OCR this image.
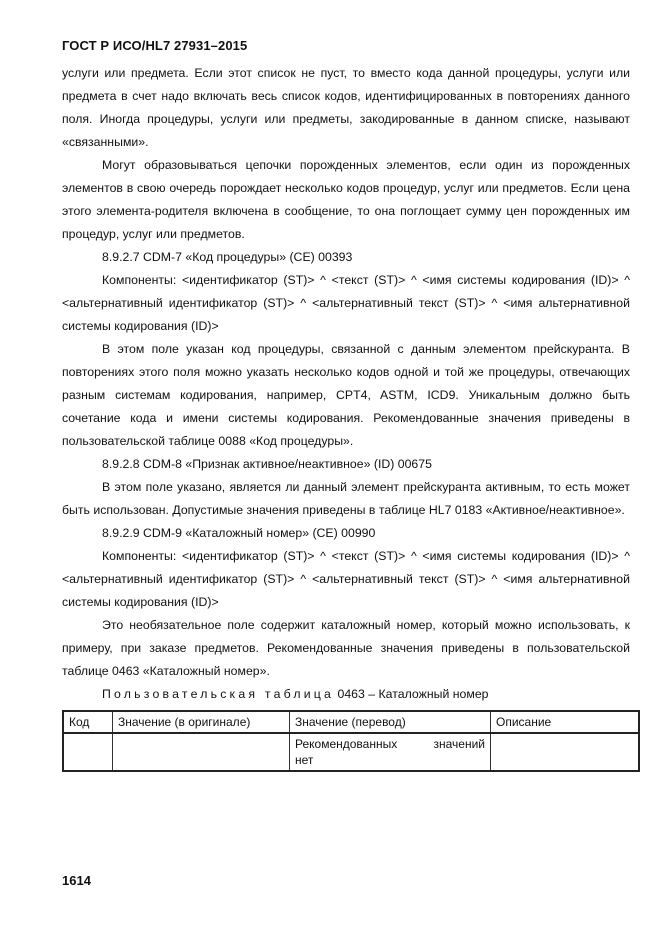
ГОСТ Р ИСО/HL7 27931–2015

услуги или предмета. Если этот список не пуст, то вместо кода данной процедуры, услуги или предмета в счет надо включать весь список кодов, идентифицированных в повторениях данного поля. Иногда процедуры, услуги или предметы, закодированные в данном списке, называют «связанными».

Могут образовываться цепочки порожденных элементов, если один из порожденных элементов в свою очередь порождает несколько кодов процедур, услуг или предметов. Если цена этого элемента-родителя включена в сообщение, то она поглощает сумму цен порожденных им процедур, услуг или предметов.

8.9.2.7 CDM-7 «Код процедуры» (CE) 00393

Компоненты: <идентификатор (ST)> ^ <текст (ST)> ^ <имя системы кодирования (ID)> ^ <альтернативный идентификатор (ST)> ^ <альтернативный текст (ST)> ^ <имя альтернативной системы кодирования (ID)>

В этом поле указан код процедуры, связанной с данным элементом прейскуранта. В повторениях этого поля можно указать несколько кодов одной и той же процедуры, отвечающих разным системам кодирования, например, CPT4, ASTM, ICD9. Уникальным должно быть сочетание кода и имени системы кодирования. Рекомендованные значения приведены в пользовательской таблице 0088 «Код процедуры».

8.9.2.8 CDM-8 «Признак активное/неактивное» (ID) 00675

В этом поле указано, является ли данный элемент прейскуранта активным, то есть может быть использован. Допустимые значения приведены в таблице HL7 0183 «Активное/неактивное».

8.9.2.9 CDM-9 «Каталожный номер» (CE) 00990

Компоненты: <идентификатор (ST)> ^ <текст (ST)> ^ <имя системы кодирования (ID)> ^ <альтернативный идентификатор (ST)> ^ <альтернативный текст (ST)> ^ <имя альтернативной системы кодирования (ID)>

Это необязательное поле содержит каталожный номер, который можно использовать, к примеру, при заказе предметов. Рекомендованные значения приведены в пользовательской таблице 0463 «Каталожный номер».

Пользовательская таблица 0463 – Каталожный номер

Код	Значение (в оригинале)	Значение (перевод)	Описание

		Рекомендованных значений
нет	
1614
